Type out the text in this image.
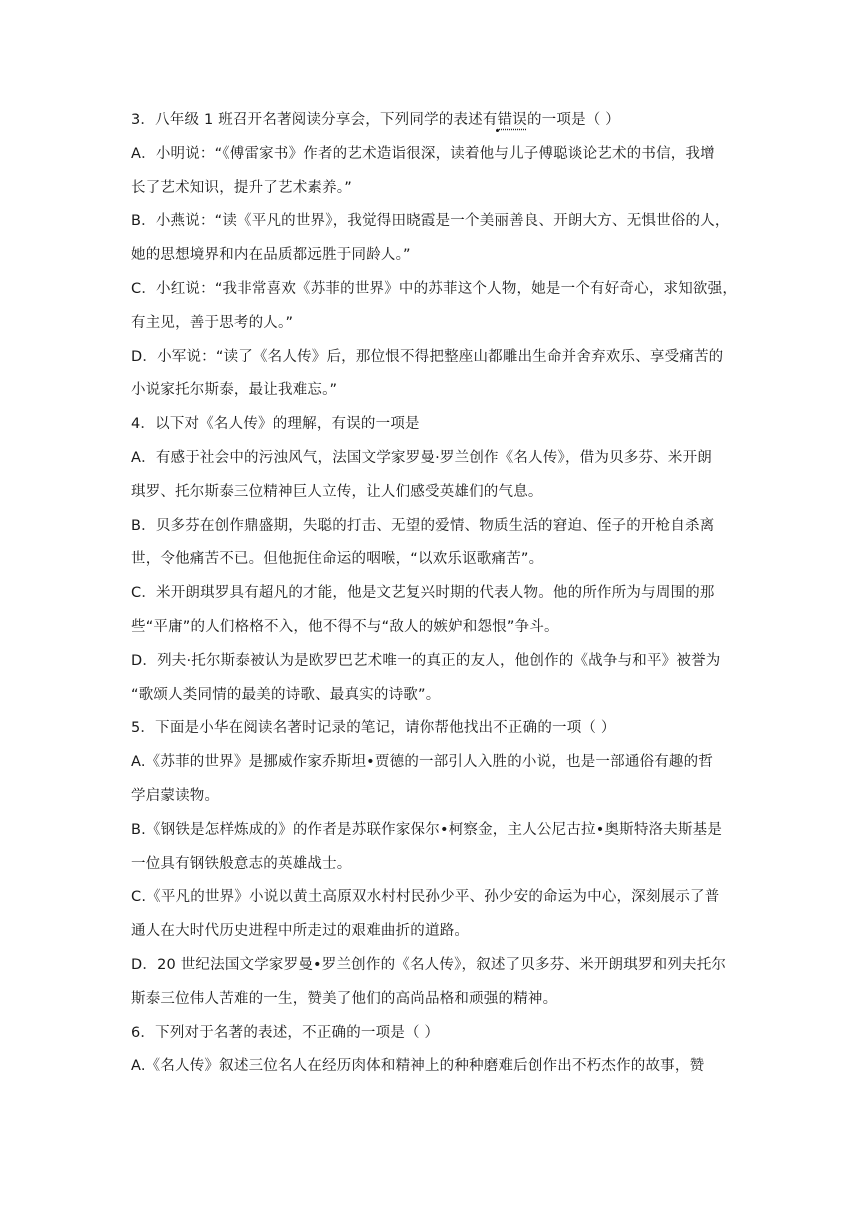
3．八年级 1 班召开名著阅读分享会，下列同学的表述有错误的一项是（ ）
A．小明说：“《傅雷家书》作者的艺术造诣很深，读着他与儿子傅聪谈论艺术的书信，我增
长了艺术知识，提升了艺术素养。”
B．小燕说：“读《平凡的世界》，我觉得田晓霞是一个美丽善良、开朗大方、无惧世俗的人，
她的思想境界和内在品质都远胜于同龄人。”
C．小红说：“我非常喜欢《苏菲的世界》中的苏菲这个人物，她是一个有好奇心，求知欲强，
有主见，善于思考的人。”
D．小军说：“读了《名人传》后，那位恨不得把整座山都雕出生命并舍弃欢乐、享受痛苦的
小说家托尔斯泰，最让我难忘。”
4．以下对《名人传》的理解，有误的一项是
A．有感于社会中的污浊风气，法国文学家罗曼·罗兰创作《名人传》，借为贝多芬、米开朗
琪罗、托尔斯泰三位精神巨人立传，让人们感受英雄们的气息。
B．贝多芬在创作鼎盛期，失聪的打击、无望的爱情、物质生活的窘迫、侄子的开枪自杀离
世，令他痛苦不已。但他扼住命运的咽喉，“以欢乐讴歌痛苦”。
C．米开朗琪罗具有超凡的才能，他是文艺复兴时期的代表人物。他的所作所为与周围的那
些“平庸”的人们格格不入，他不得不与“敌人的嫉妒和怨恨”争斗。
D．列夫·托尔斯泰被认为是欧罗巴艺术唯一的真正的友人，他创作的《战争与和平》被誉为
“歌颂人类同情的最美的诗歌、最真实的诗歌”。
5．下面是小华在阅读名著时记录的笔记，请你帮他找出不正确的一项（ ）
A.《苏菲的世界》是挪威作家乔斯坦•贾德的一部引人入胜的小说，也是一部通俗有趣的哲
学启蒙读物。
B.《钢铁是怎样炼成的》的作者是苏联作家保尔•柯察金，主人公尼古拉•奥斯特洛夫斯基是
一位具有钢铁般意志的英雄战士。
C.《平凡的世界》小说以黄土高原双水村村民孙少平、孙少安的命运为中心，深刻展示了普
通人在大时代历史进程中所走过的艰难曲折的道路。
D．20 世纪法国文学家罗曼•罗兰创作的《名人传》，叙述了贝多芬、米开朗琪罗和列夫托尔
斯泰三位伟人苦难的一生，赞美了他们的高尚品格和顽强的精神。
6．下列对于名著的表述，不正确的一项是（ ）
A.《名人传》叙述三位名人在经历肉体和精神上的种种磨难后创作出不朽杰作的故事，赞
